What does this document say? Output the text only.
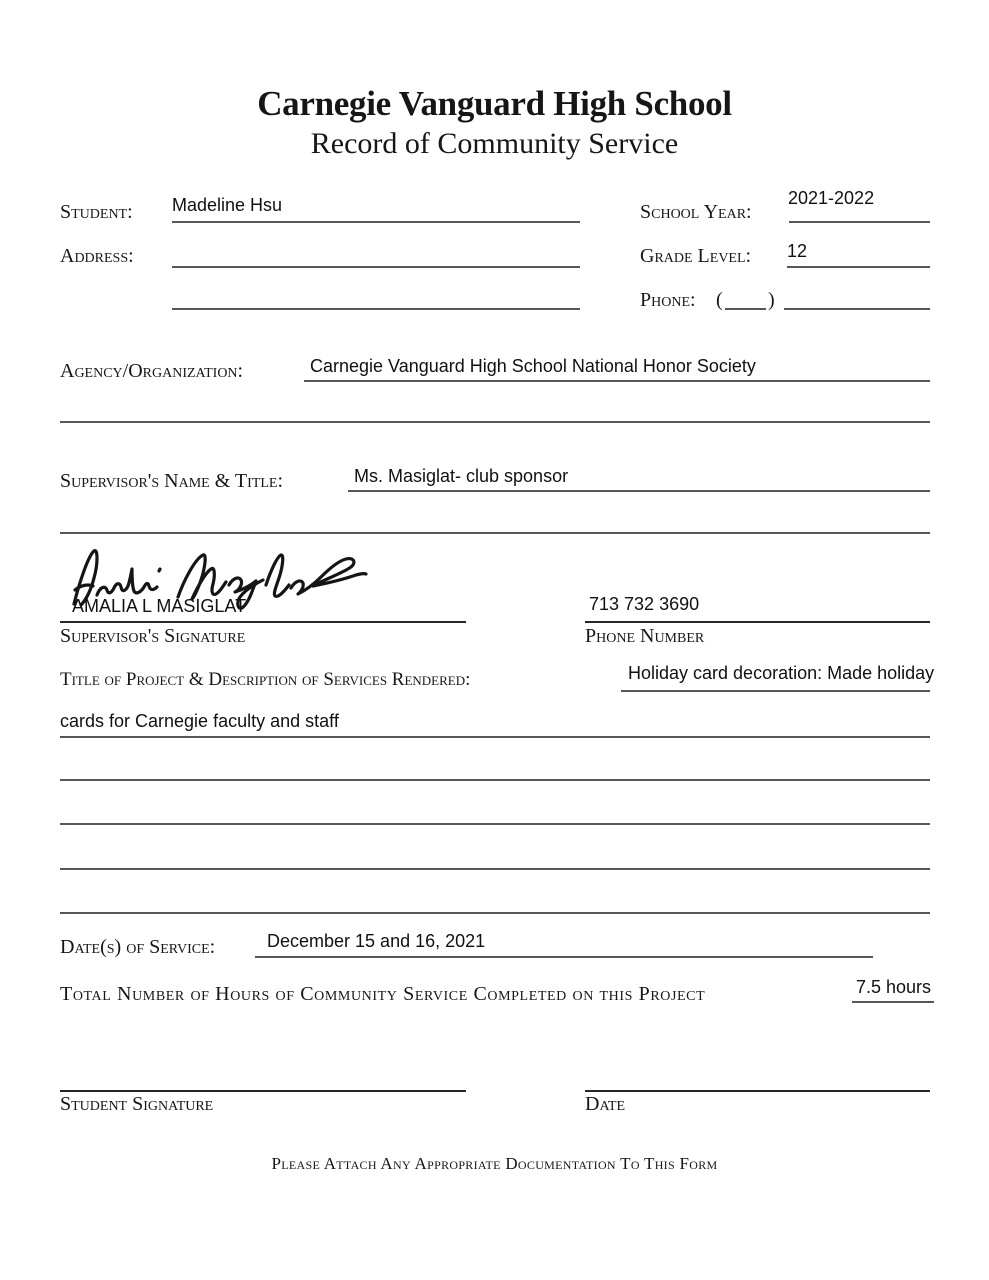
Carnegie Vanguard High School
Record of Community Service
Student: Madeline Hsu	School Year:
2021-2022
Address:	Grade Level: 12
Phone: ( )
Agency/Organization:	Carnegie Vanguard High School National Honor Society
Supervisor's Name & Title:	Ms. Masiglat- club sponsor
AMALIA L MASIGLAT
Supervisor's Signature
713 732 3690
Phone Number
Title of Project & Description of Services Rendered:	Holiday card decoration: Made holiday
cards for Carnegie faculty and staff
Date(s) of Service:	December 15 and 16, 2021
Total Number of Hours of Community Service Completed on this Project	7.5 hours
Student Signature	Date
Please Attach Any Appropriate Documentation To This Form
